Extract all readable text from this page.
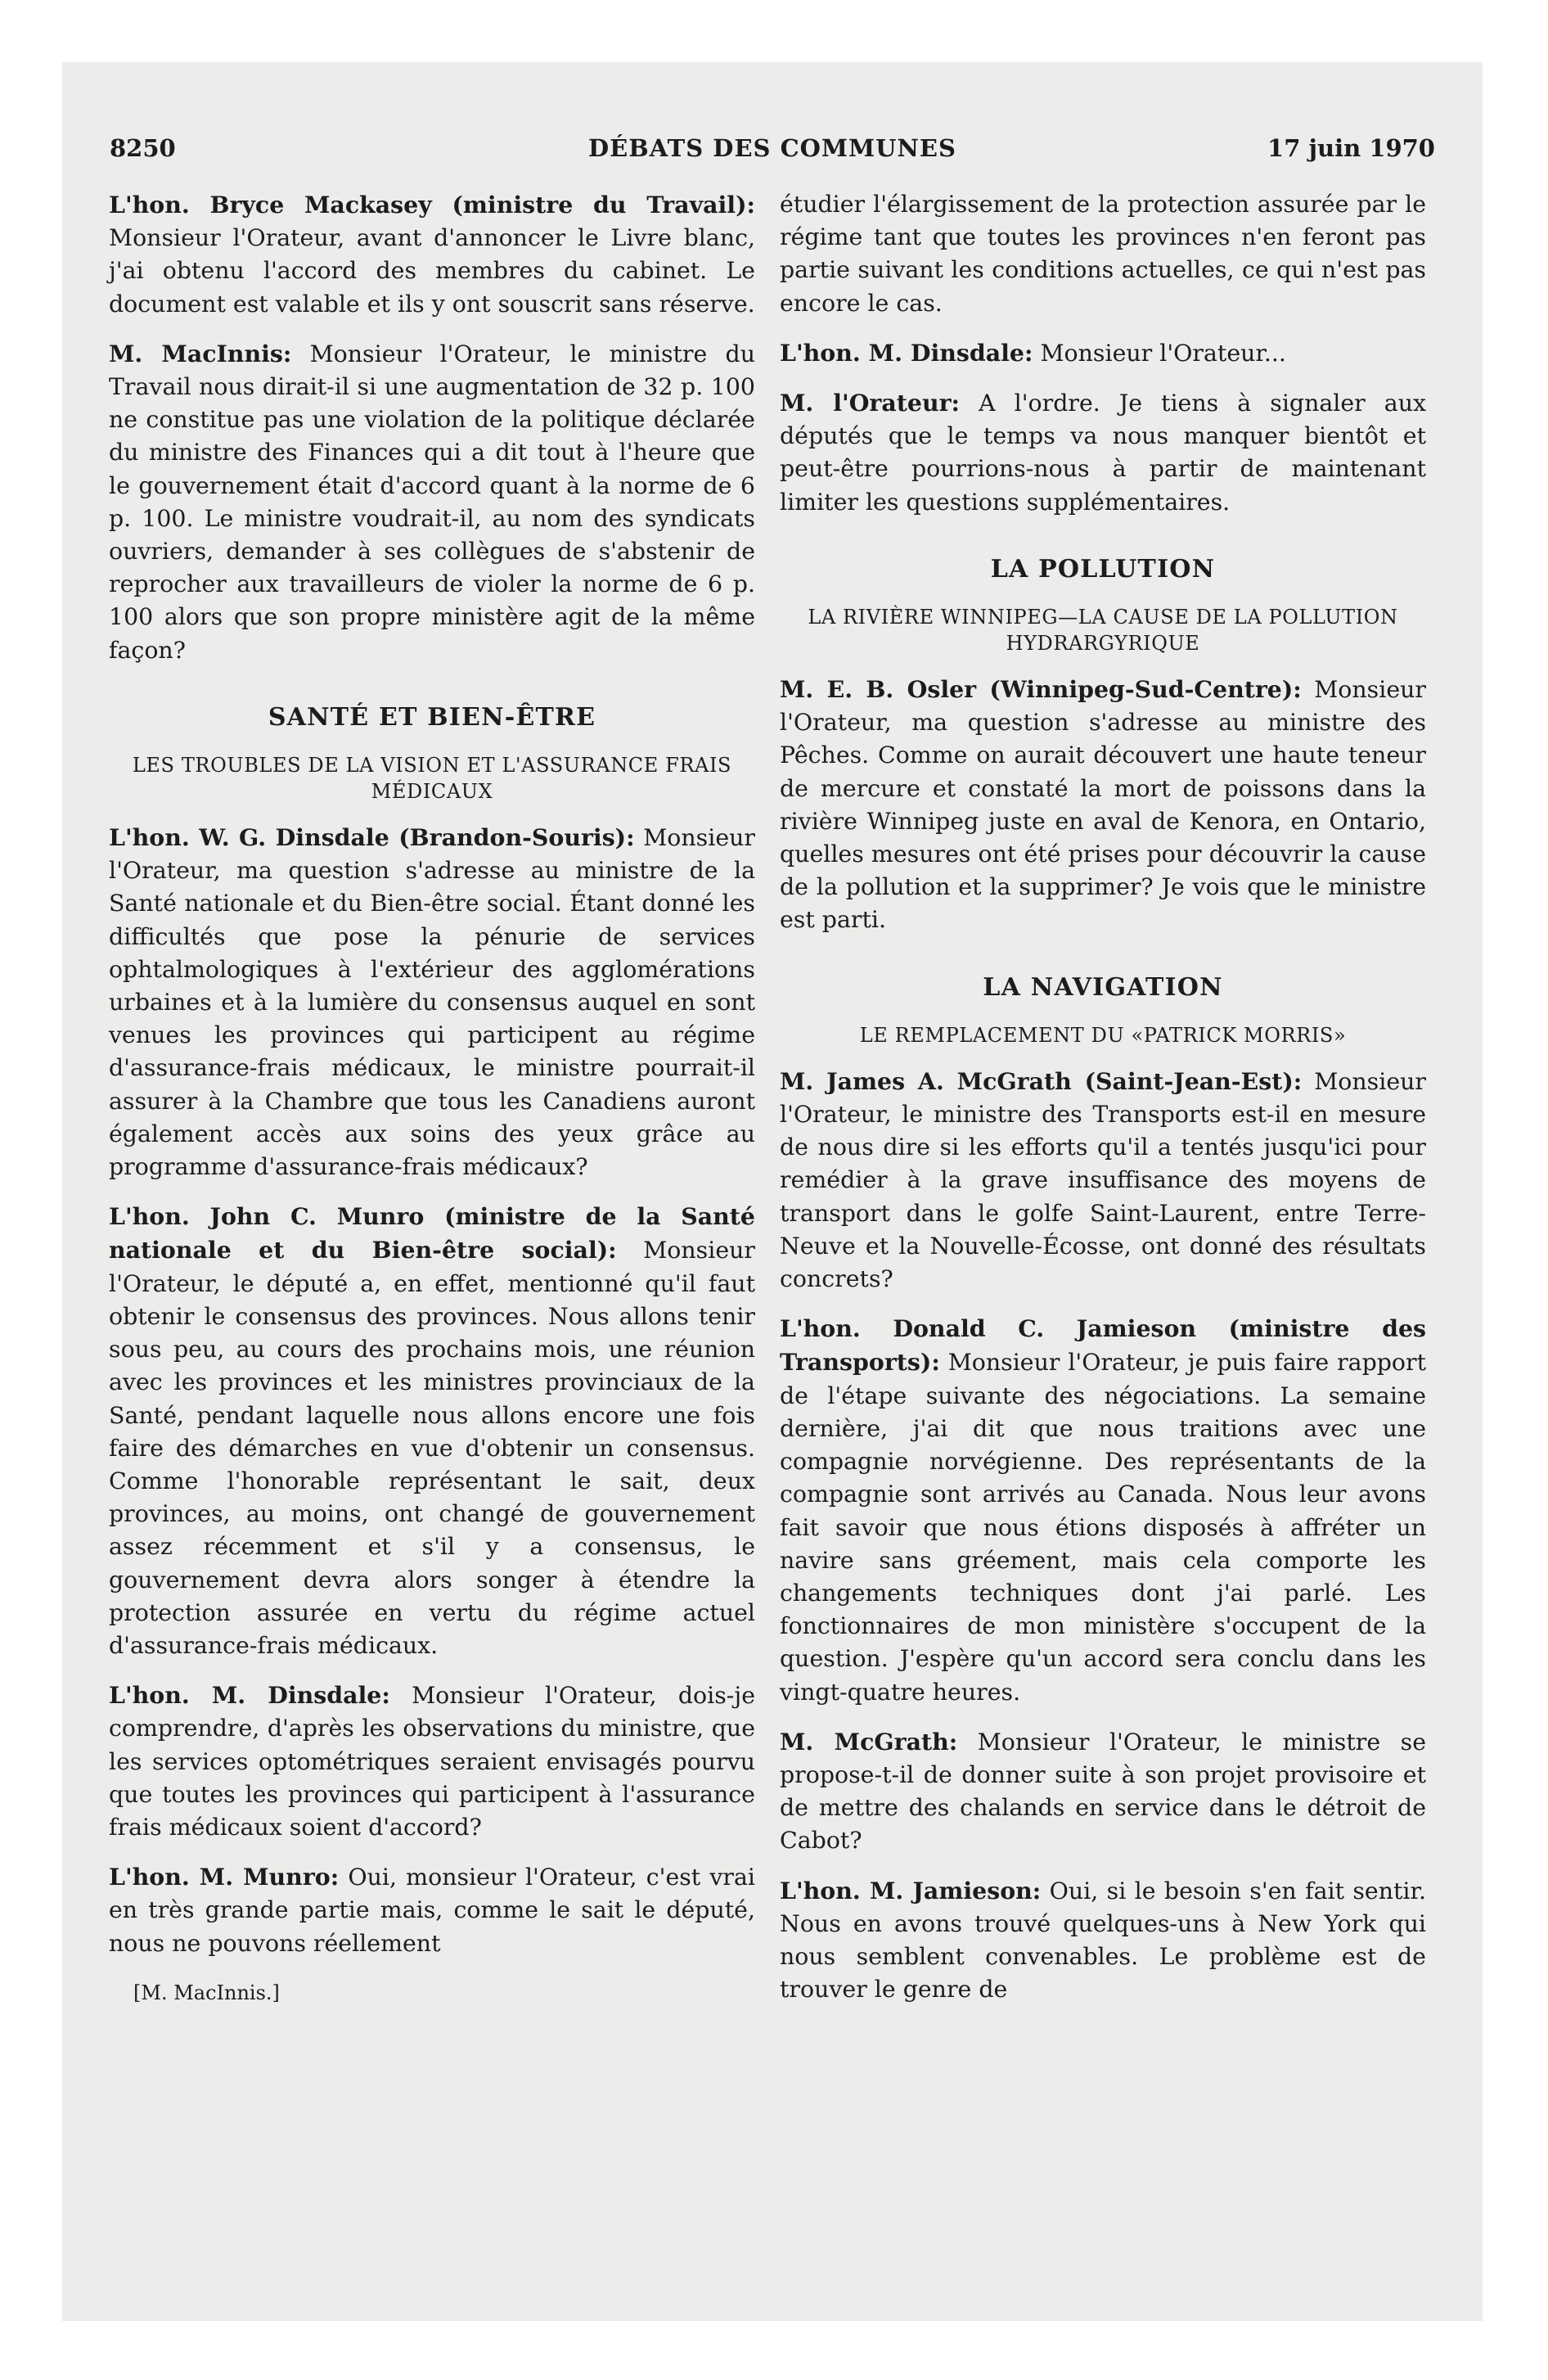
8250	DÉBATS DES COMMUNES	17 juin 1970

L'hon. Bryce Mackasey (ministre du Travail): Monsieur l'Orateur, avant d'annoncer le Livre blanc, j'ai obtenu l'accord des membres du cabinet. Le document est valable et ils y ont souscrit sans réserve.

M. MacInnis: Monsieur l'Orateur, le ministre du Travail nous dirait-il si une augmentation de 32 p. 100 ne constitue pas une violation de la politique déclarée du ministre des Finances qui a dit tout à l'heure que le gouvernement était d'accord quant à la norme de 6 p. 100. Le ministre voudrait-il, au nom des syndicats ouvriers, demander à ses collègues de s'abstenir de reprocher aux travailleurs de violer la norme de 6 p. 100 alors que son propre ministère agit de la même façon?

SANTÉ ET BIEN-ÊTRE
LES TROUBLES DE LA VISION ET L'ASSURANCE FRAIS MÉDICAUX

L'hon. W. G. Dinsdale (Brandon-Souris): Monsieur l'Orateur, ma question s'adresse au ministre de la Santé nationale et du Bien-être social. Étant donné les difficultés que pose la pénurie de services ophtalmologiques à l'extérieur des agglomérations urbaines et à la lumière du consensus auquel en sont venues les provinces qui participent au régime d'assurance-frais médicaux, le ministre pourrait-il assurer à la Chambre que tous les Canadiens auront également accès aux soins des yeux grâce au programme d'assurance-frais médicaux?

L'hon. John C. Munro (ministre de la Santé nationale et du Bien-être social): Monsieur l'Orateur, le député a, en effet, mentionné qu'il faut obtenir le consensus des provinces. Nous allons tenir sous peu, au cours des prochains mois, une réunion avec les provinces et les ministres provinciaux de la Santé, pendant laquelle nous allons encore une fois faire des démarches en vue d'obtenir un consensus. Comme l'honorable représentant le sait, deux provinces, au moins, ont changé de gouvernement assez récemment et s'il y a consensus, le gouvernement devra alors songer à étendre la protection assurée en vertu du régime actuel d'assurance-frais médicaux.

L'hon. M. Dinsdale: Monsieur l'Orateur, dois-je comprendre, d'après les observations du ministre, que les services optométriques seraient envisagés pourvu que toutes les provinces qui participent à l'assurance frais médicaux soient d'accord?

L'hon. M. Munro: Oui, monsieur l'Orateur, c'est vrai en très grande partie mais, comme le sait le député, nous ne pouvons réellement

[M. MacInnis.]

étudier l'élargissement de la protection assurée par le régime tant que toutes les provinces n'en feront pas partie suivant les conditions actuelles, ce qui n'est pas encore le cas.

L'hon. M. Dinsdale: Monsieur l'Orateur...

M. l'Orateur: A l'ordre. Je tiens à signaler aux députés que le temps va nous manquer bientôt et peut-être pourrions-nous à partir de maintenant limiter les questions supplémentaires.

LA POLLUTION
LA RIVIÈRE WINNIPEG—LA CAUSE DE LA POLLUTION HYDRARGYRIQUE

M. E. B. Osler (Winnipeg-Sud-Centre): Monsieur l'Orateur, ma question s'adresse au ministre des Pêches. Comme on aurait découvert une haute teneur de mercure et constaté la mort de poissons dans la rivière Winnipeg juste en aval de Kenora, en Ontario, quelles mesures ont été prises pour découvrir la cause de la pollution et la supprimer? Je vois que le ministre est parti.

LA NAVIGATION
LE REMPLACEMENT DU «PATRICK MORRIS»

M. James A. McGrath (Saint-Jean-Est): Monsieur l'Orateur, le ministre des Transports est-il en mesure de nous dire si les efforts qu'il a tentés jusqu'ici pour remédier à la grave insuffisance des moyens de transport dans le golfe Saint-Laurent, entre Terre-Neuve et la Nouvelle-Écosse, ont donné des résultats concrets?

L'hon. Donald C. Jamieson (ministre des Transports): Monsieur l'Orateur, je puis faire rapport de l'étape suivante des négociations. La semaine dernière, j'ai dit que nous traitions avec une compagnie norvégienne. Des représentants de la compagnie sont arrivés au Canada. Nous leur avons fait savoir que nous étions disposés à affréter un navire sans gréement, mais cela comporte les changements techniques dont j'ai parlé. Les fonctionnaires de mon ministère s'occupent de la question. J'espère qu'un accord sera conclu dans les vingt-quatre heures.

M. McGrath: Monsieur l'Orateur, le ministre se propose-t-il de donner suite à son projet provisoire et de mettre des chalands en service dans le détroit de Cabot?

L'hon. M. Jamieson: Oui, si le besoin s'en fait sentir. Nous en avons trouvé quelques-uns à New York qui nous semblent convenables. Le problème est de trouver le genre de
